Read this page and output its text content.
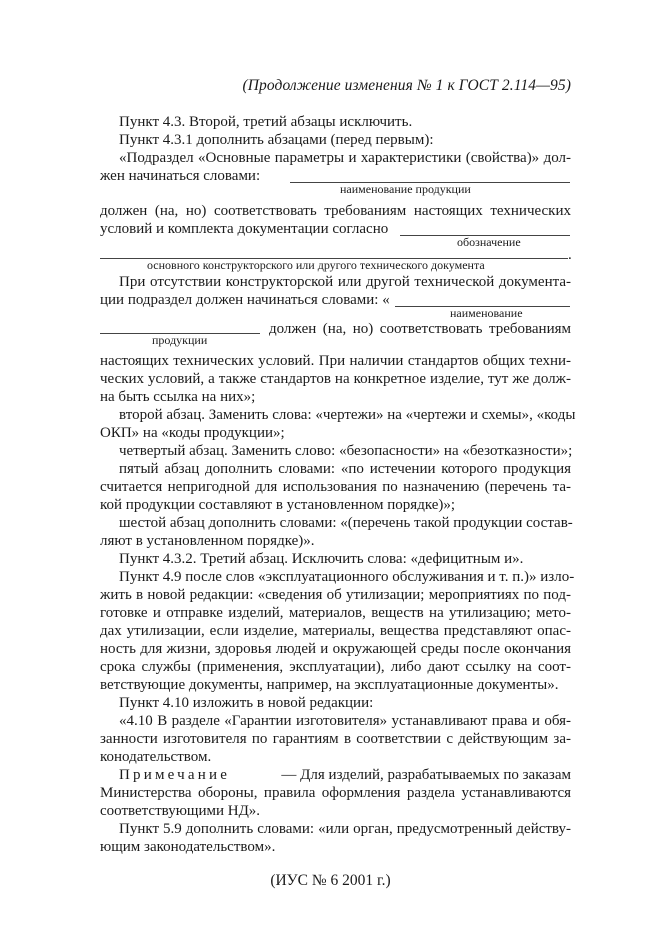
(Продолжение изменения № 1 к ГОСТ 2.114—95)
Пункт 4.3. Второй, третий абзацы исключить.
Пункт 4.3.1 дополнить абзацами (перед первым):
«Подраздел «Основные параметры и характеристики (свойства)» дол-
жен начинаться словами:
наименование продукции
должен (на, но) соответствовать требованиям настоящих технических
условий и комплекта документации согласно
обозначение
.
основного конструкторского или другого технического документа
При отсутствии конструкторской или другой технической документа-
ции подраздел должен начинаться словами: «
наименование
должен (на, но) соответствовать требованиям
продукции
настоящих технических условий. При наличии стандартов общих техни-
ческих условий, а также стандартов на конкретное изделие, тут же долж-
на быть ссылка на них»;
второй абзац. Заменить слова: «чертежи» на «чертежи и схемы», «коды
ОКП» на «коды продукции»;
четвертый абзац. Заменить слово: «безопасности» на «безотказности»;
пятый абзац дополнить словами: «по истечении которого продукция
считается непригодной для использования по назначению (перечень та-
кой продукции составляют в установленном порядке)»;
шестой абзац дополнить словами: «(перечень такой продукции состав-
ляют в установленном порядке)».
Пункт 4.3.2. Третий абзац. Исключить слова: «дефицитным и».
Пункт 4.9 после слов «эксплуатационного обслуживания и т. п.)» изло-
жить в новой редакции: «сведения об утилизации; мероприятиях по под-
готовке и отправке изделий, материалов, веществ на утилизацию; мето-
дах утилизации, если изделие, материалы, вещества представляют опас-
ность для жизни, здоровья людей и окружающей среды после окончания
срока службы (применения, эксплуатации), либо дают ссылку на соот-
ветствующие документы, например, на эксплуатационные документы».
Пункт 4.10 изложить в новой редакции:
«4.10 В разделе «Гарантии изготовителя» устанавливают права и обя-
занности изготовителя по гарантиям в соответствии с действующим за-
конодательством.
Примечание	— Для изделий, разрабатываемых по заказам
Министерства обороны, правила оформления раздела устанавливаются
соответствующими НД».
Пункт 5.9 дополнить словами: «или орган, предусмотренный действу-
ющим законодательством».
(ИУС № 6 2001 г.)
